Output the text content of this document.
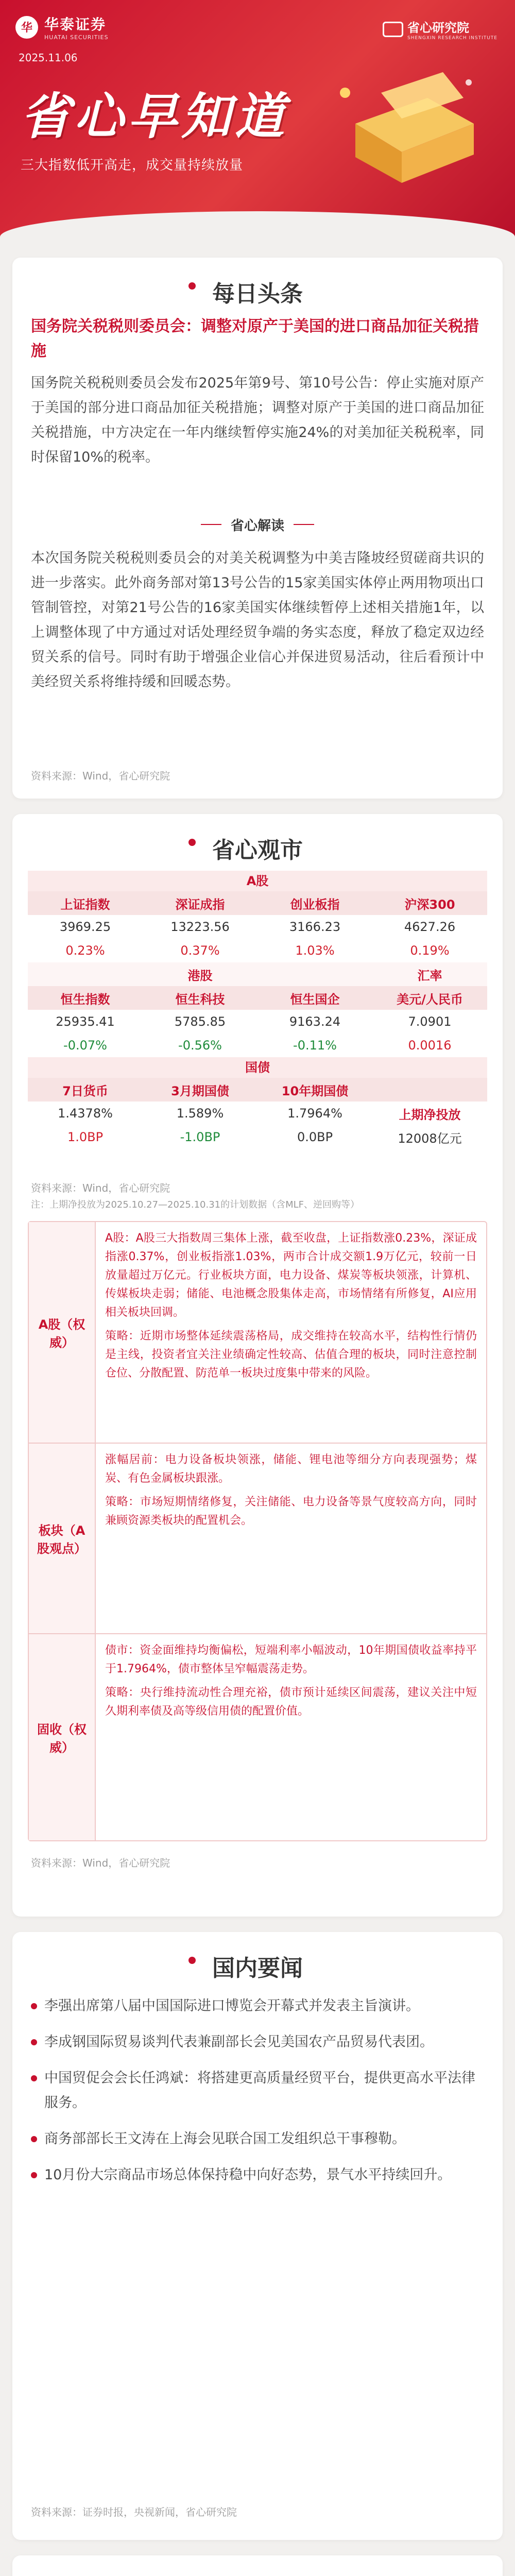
华 华泰证券
HUATAI SECURITIES
省心研究院
SHENGXIN RESEARCH INSTITUTE
2025.11.06
省心早知道
三大指数低开高走，成交量持续放量
每日头条
国务院关税税则委员会：调整对原产于美国的进口商品加征关税措施
国务院关税税则委员会发布2025年第9号、第10号公告：停止实施对原产于美国的部分进口商品加征关税措施；调整对原产于美国的进口商品加征关税措施，中方决定在一年内继续暂停实施24%的对美加征关税税率，同时保留10%的税率。
省心解读
本次国务院关税税则委员会的对美关税调整为中美吉隆坡经贸磋商共识的进一步落实。此外商务部对第13号公告的15家美国实体停止两用物项出口管制管控，对第21号公告的16家美国实体继续暂停上述相关措施1年，以上调整体现了中方通过对话处理经贸争端的务实态度，释放了稳定双边经贸关系的信号。同时有助于增强企业信心并保进贸易活动，往后看预计中美经贸关系将维持缓和回暖态势。
资料来源：Wind，省心研究院
省心观市
A股
上证指数	深证成指	创业板指	沪深300
3969.25	13223.56	3166.23	4627.26
0.23%	0.37%	1.03%	0.19%
港股	汇率
恒生指数	恒生科技	恒生国企	美元/人民币
25935.41	5785.85	9163.24	7.0901
-0.07%	-0.56%	-0.11%	0.0016
国债
7日货币	3月期国债	10年期国债
1.4378%	1.589%	1.7964%	上期净投放
1.0BP	-1.0BP	0.0BP	12008亿元
资料来源：Wind，省心研究院
注：上期净投放为2025.10.27—2025.10.31的计划数据（含MLF、逆回购等）
A股（权威）

A股：A股三大指数周三集体上涨，截至收盘，上证指数涨0.23%，深证成指涨0.37%，创业板指涨1.03%，两市合计成交额1.9万亿元，较前一日放量超过万亿元。行业板块方面，电力设备、煤炭等板块领涨，计算机、传媒板块走弱；储能、电池概念股集体走高，市场情绪有所修复，AI应用相关板块回调。

策略：近期市场整体延续震荡格局，成交维持在较高水平，结构性行情仍是主线，投资者宜关注业绩确定性较高、估值合理的板块，同时注意控制仓位、分散配置、防范单一板块过度集中带来的风险。

板块（A股观点）

涨幅居前：电力设备板块领涨，储能、锂电池等细分方向表现强势；煤炭、有色金属板块跟涨。

策略：市场短期情绪修复，关注储能、电力设备等景气度较高方向，同时兼顾资源类板块的配置机会。

固收（权威）

债市：资金面维持均衡偏松，短端利率小幅波动，10年期国债收益率持平于1.7964%，债市整体呈窄幅震荡走势。

策略：央行维持流动性合理充裕，债市预计延续区间震荡，建议关注中短久期利率债及高等级信用债的配置价值。

资料来源：Wind，省心研究院
国内要闻
李强出席第八届中国国际进口博览会开幕式并发表主旨演讲。
李成钢国际贸易谈判代表兼副部长会见美国农产品贸易代表团。
中国贸促会会长任鸿斌：将搭建更高质量经贸平台，提供更高水平法律服务。
商务部部长王文涛在上海会见联合国工发组织总干事穆勒。
10月份大宗商品市场总体保持稳中向好态势，景气水平持续回升。
资料来源：证券时报，央视新闻，省心研究院
